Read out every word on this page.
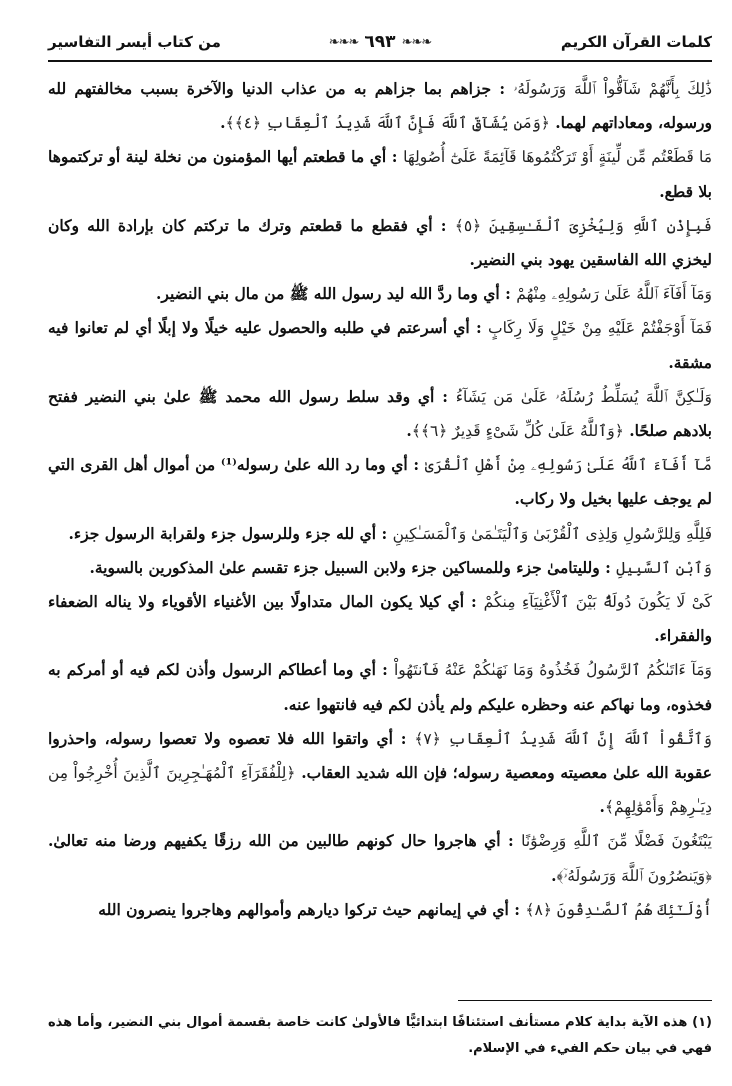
كلمات القرآن الكريم
❧❧❧
٦٩٣
❧❧❧
من كتاب أيسر التفاسير

ذَٰلِكَ بِأَنَّهُمْ شَآقُّواْ ٱللَّهَ وَرَسُولَهُۥ : جزاهم بما جزاهم به من عذاب الدنيا والآخرة بسبب مخالفتهم لله ورسوله، ومعاداتهم لهما. ﴿وَمَن يُشَآقِّ ٱللَّهَ فَإِنَّ ٱللَّهَ شَدِيدُ ٱلْعِقَابِ ﴿٤﴾﴾.

مَا قَطَعْتُم مِّن لِّينَةٍ أَوْ تَرَكْتُمُوهَا قَآئِمَةً عَلَىٰٓ أُصُولِهَا : أي ما قطعتم أيها المؤمنون من نخلة لينة أو تركتموها بلا قطع.

فَبِإِذْنِ ٱللَّهِ وَلِيُخْزِىَ ٱلْفَـٰسِقِينَ ﴿٥﴾ : أي فقطع ما قطعتم وترك ما تركتم كان بإرادة الله وكان ليخزي الله الفاسقين يهود بني النضير.

وَمَآ أَفَآءَ ٱللَّهُ عَلَىٰ رَسُولِهِۦ مِنْهُمْ : أي وما ردَّ الله ليد رسول الله ﷺ من مال بني النضير.

فَمَآ أَوْجَفْتُمْ عَلَيْهِ مِنْ خَيْلٍ وَلَا رِكَابٍ : أي أسرعتم في طلبه والحصول عليه خيلًا ولا إبلًا أي لم تعانوا فيه مشقة.

وَلَـٰكِنَّ ٱللَّهَ يُسَلِّطُ رُسُلَهُۥ عَلَىٰ مَن يَشَآءُ : أي وقد سلط رسول الله محمد ﷺ علىٰ بني النضير ففتح بلادهم صلحًا. ﴿وَٱللَّهُ عَلَىٰ كُلِّ شَىْءٍ قَدِيرٌ ﴿٦﴾﴾.

مَّآ أَفَآءَ ٱللَّهُ عَلَىٰ رَسُولِهِۦ مِنْ أَهْلِ ٱلْقُرَىٰ : أي وما رد الله علىٰ رسوله⁽¹⁾ من أموال أهل القرى التي لم يوجف عليها بخيل ولا ركاب.

فَلِلَّهِ وَلِلرَّسُولِ وَلِذِى ٱلْقُرْبَىٰ وَٱلْيَتَـٰمَىٰ وَٱلْمَسَـٰكِينِ : أي لله جزء وللرسول جزء ولقرابة الرسول جزء.

وَٱبْنِ ٱلسَّبِيلِ : ولليتامىٰ جزء وللمساكين جزء ولابن السبيل جزء تقسم علىٰ المذكورين بالسوية.

كَىْ لَا يَكُونَ دُولَةًۢ بَيْنَ ٱلْأَغْنِيَآءِ مِنكُمْ : أي كيلا يكون المال متداولًا بين الأغنياء الأقوياء ولا يناله الضعفاء والفقراء.

وَمَآ ءَاتَىٰكُمُ ٱلرَّسُولُ فَخُذُوهُ وَمَا نَهَىٰكُمْ عَنْهُ فَٱنتَهُواْ : أي وما أعطاكم الرسول وأذن لكم فيه أو أمركم به فخذوه، وما نهاكم عنه وحظره عليكم ولم يأذن لكم فيه فانتهوا عنه.

وَٱتَّقُواْ ٱللَّهَ إِنَّ ٱللَّهَ شَدِيدُ ٱلْعِقَابِ ﴿٧﴾ : أي واتقوا الله فلا تعصوه ولا تعصوا رسوله، واحذروا عقوبة الله علىٰ معصيته ومعصية رسوله؛ فإن الله شديد العقاب. ﴿لِلْفُقَرَآءِ ٱلْمُهَـٰجِرِينَ ٱلَّذِينَ أُخْرِجُواْ مِن دِيَـٰرِهِمْ وَأَمْوَٰلِهِمْ﴾.

يَبْتَغُونَ فَضْلًا مِّنَ ٱللَّهِ وَرِضْوَٰنًا : أي هاجروا حال كونهم طالبين من الله رزقًا يكفيهم ورضا منه تعالىٰ. ﴿وَيَنصُرُونَ ٱللَّهَ وَرَسُولَهُۥٓ﴾.

أُوْلَـٰٓئِكَ هُمُ ٱلصَّـٰدِقُونَ ﴿٨﴾ : أي في إيمانهم حيث تركوا ديارهم وأموالهم وهاجروا ينصرون الله

(١) هذه الآية بداية كلام مستأنف استئنافًا ابتدائيًّا فالأولىٰ كانت خاصة بقسمة أموال بني النضير، وأما هذه فهي في بيان حكم الفيء في الإسلام.
